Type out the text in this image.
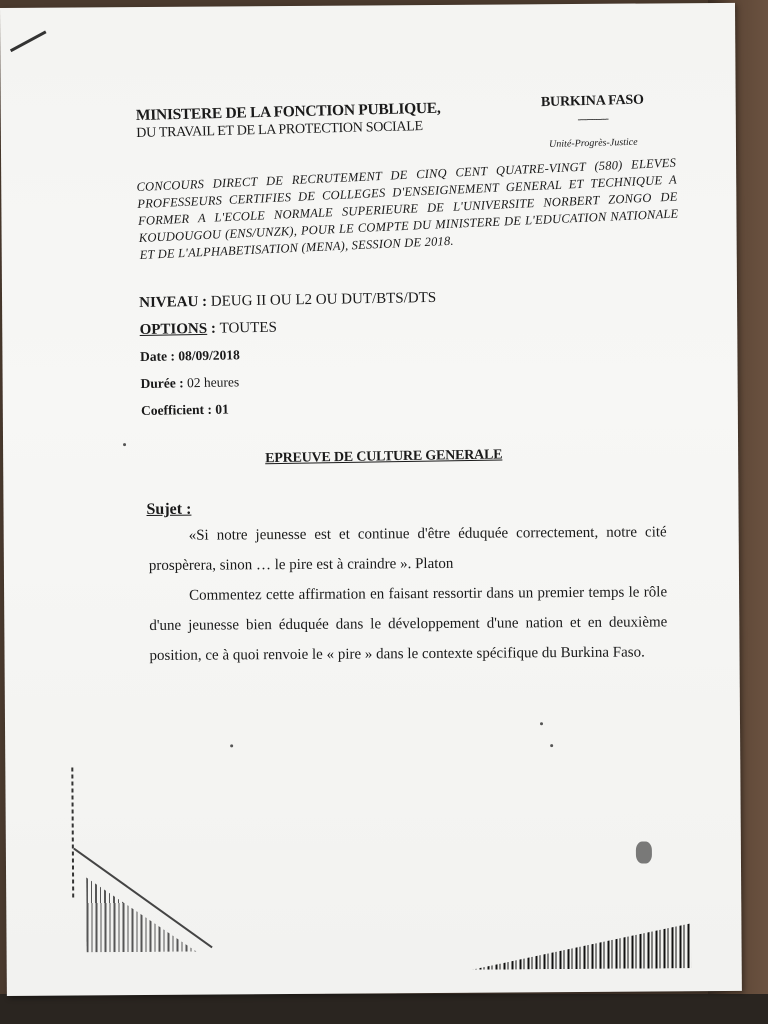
MINISTERE DE LA FONCTION PUBLIQUE,
DU TRAVAIL ET DE LA PROTECTION SOCIALE
BURKINA FASO
-------------
Unité-Progrès-Justice
CONCOURS DIRECT DE RECRUTEMENT DE CINQ CENT QUATRE-VINGT (580) ELEVES PROFESSEURS CERTIFIES DE COLLEGES D'ENSEIGNEMENT GENERAL ET TECHNIQUE A FORMER A L'ECOLE NORMALE SUPERIEURE DE L'UNIVERSITE NORBERT ZONGO DE KOUDOUGOU (ENS/UNZK), POUR LE COMPTE DU MINISTERE DE L'EDUCATION NATIONALE ET DE L'ALPHABETISATION (MENA), SESSION DE 2018.
NIVEAU : DEUG II OU L2 OU DUT/BTS/DTS
OPTIONS : TOUTES
Date : 08/09/2018
Durée : 02 heures
Coefficient : 01
EPREUVE DE CULTURE GENERALE
Sujet :

«Si notre jeunesse est et continue d'être éduquée correctement, notre cité prospèrera, sinon … le pire est à craindre ». Platon

Commentez cette affirmation en faisant ressortir dans un premier temps le rôle d'une jeunesse bien éduquée dans le développement d'une nation et en deuxième position, ce à quoi renvoie le « pire » dans le contexte spécifique du Burkina Faso.
